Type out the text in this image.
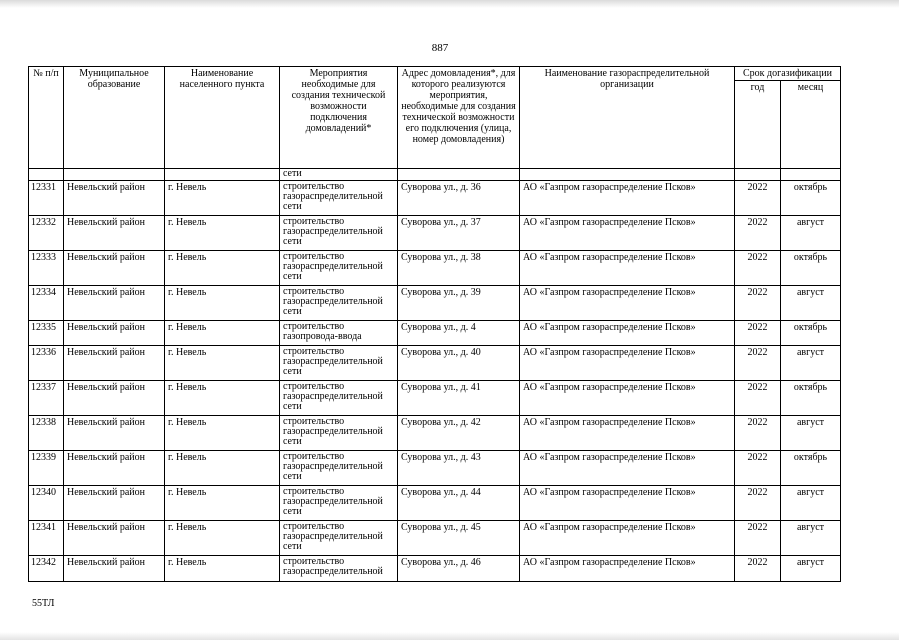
887
№ п/п	Муниципальное образование	Наименование населенного пункта	Мероприятия необходимые для создания технической возможности подключения домовладений*	Адрес домовладения*, для которого реализуются мероприятия, необходимые для создания технической возможности его подключения (улица, номер домовладения)	Наименование газораспределительной организации	Срок догазификации	
						год	месяц
			сети				
12331	Невельский район	г. Невель	строительство газораспределительной сети	Суворова ул., д. 36	АО «Газпром газораспределение Псков»	2022	октябрь
12332	Невельский район	г. Невель	строительство газораспределительной сети	Суворова ул., д. 37	АО «Газпром газораспределение Псков»	2022	август
12333	Невельский район	г. Невель	строительство газораспределительной сети	Суворова ул., д. 38	АО «Газпром газораспределение Псков»	2022	октябрь
12334	Невельский район	г. Невель	строительство газораспределительной сети	Суворова ул., д. 39	АО «Газпром газораспределение Псков»	2022	август
12335	Невельский район	г. Невель	строительство газопровода-ввода	Суворова ул., д. 4	АО «Газпром газораспределение Псков»	2022	октябрь
12336	Невельский район	г. Невель	строительство газораспределительной сети	Суворова ул., д. 40	АО «Газпром газораспределение Псков»	2022	август
12337	Невельский район	г. Невель	строительство газораспределительной сети	Суворова ул., д. 41	АО «Газпром газораспределение Псков»	2022	октябрь
12338	Невельский район	г. Невель	строительство газораспределительной сети	Суворова ул., д. 42	АО «Газпром газораспределение Псков»	2022	август
12339	Невельский район	г. Невель	строительство газораспределительной сети	Суворова ул., д. 43	АО «Газпром газораспределение Псков»	2022	октябрь
12340	Невельский район	г. Невель	строительство газораспределительной сети	Суворова ул., д. 44	АО «Газпром газораспределение Псков»	2022	август
12341	Невельский район	г. Невель	строительство газораспределительной сети	Суворова ул., д. 45	АО «Газпром газораспределение Псков»	2022	август
12342	Невельский район	г. Невель	строительство газораспределительной	Суворова ул., д. 46	АО «Газпром газораспределение Псков»	2022	август
55ТЛ
